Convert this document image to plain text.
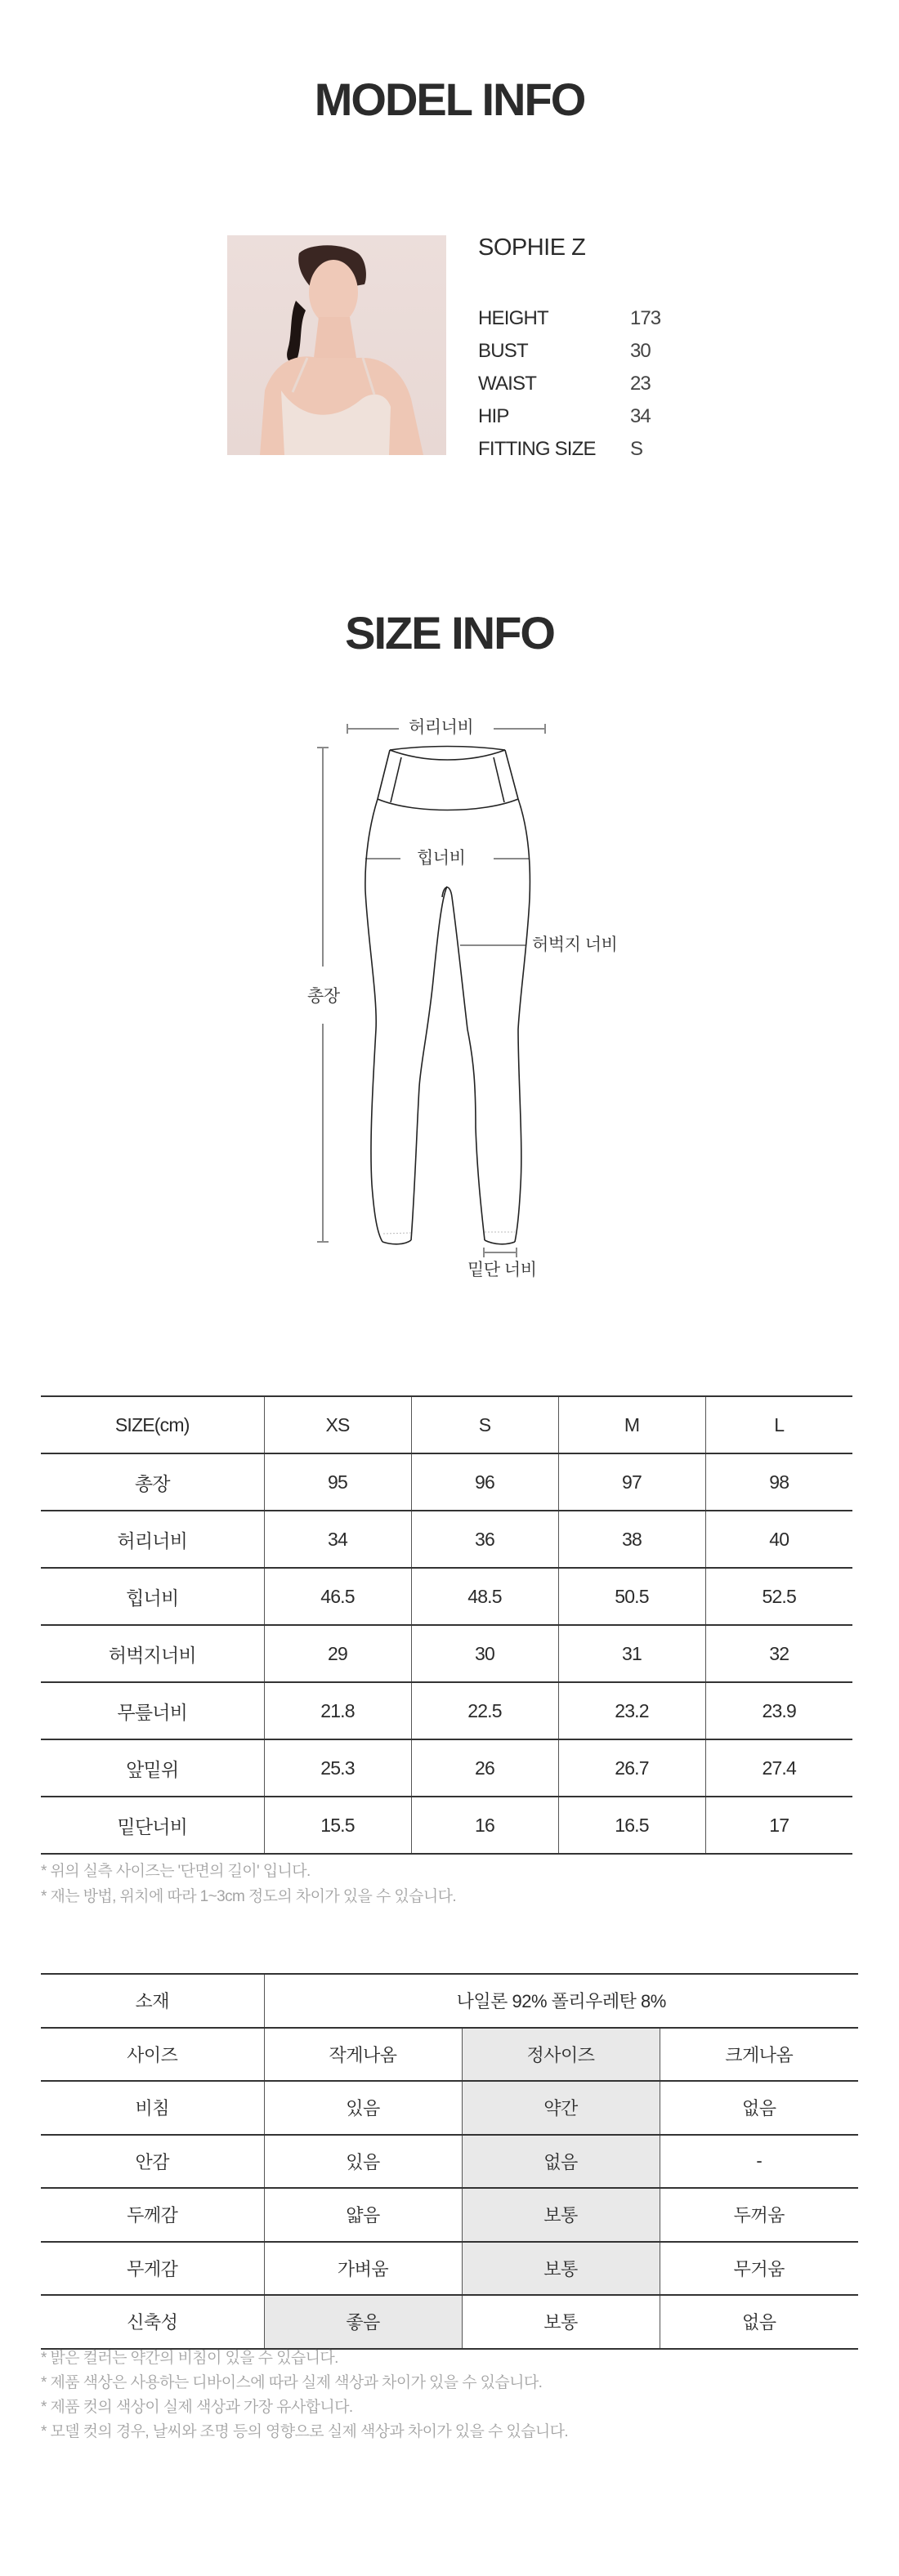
MODEL INFO
SOPHIE Z
HEIGHT	173
BUST	30
WAIST	23
HIP	34
FITTING SIZE S
SIZE INFO
허리너비
힙너비
허벅지 너비
총장
밑단 너비
SIZE(cm)	XS	S	M	L
총장	95	96	97	98
허리너비	34	36	38	40
힙너비	46.5	48.5	50.5	52.5
허벅지너비	29	30	31	32
무릎너비	21.8	22.5	23.2	23.9
앞밑위	25.3	26	26.7	27.4
밑단너비	15.5	16	16.5	17
* 위의 실측 사이즈는 '단면의 길이' 입니다.
* 재는 방법, 위치에 따라 1~3cm 정도의 차이가 있을 수 있습니다.
소재	나일론 92% 폴리우레탄 8%		
사이즈	작게나옴	정사이즈	크게나옴
비침	있음	약간	없음
안감	있음	없음	-
두께감	얇음	보통	두꺼움
무게감	가벼움	보통	무거움
신축성	좋음	보통	없음
* 밝은 컬러는 약간의 비침이 있을 수 있습니다.
* 제품 색상은 사용하는 디바이스에 따라 실제 색상과 차이가 있을 수 있습니다.
* 제품 컷의 색상이 실제 색상과 가장 유사합니다.
* 모델 컷의 경우, 날씨와 조명 등의 영향으로 실제 색상과 차이가 있을 수 있습니다.
